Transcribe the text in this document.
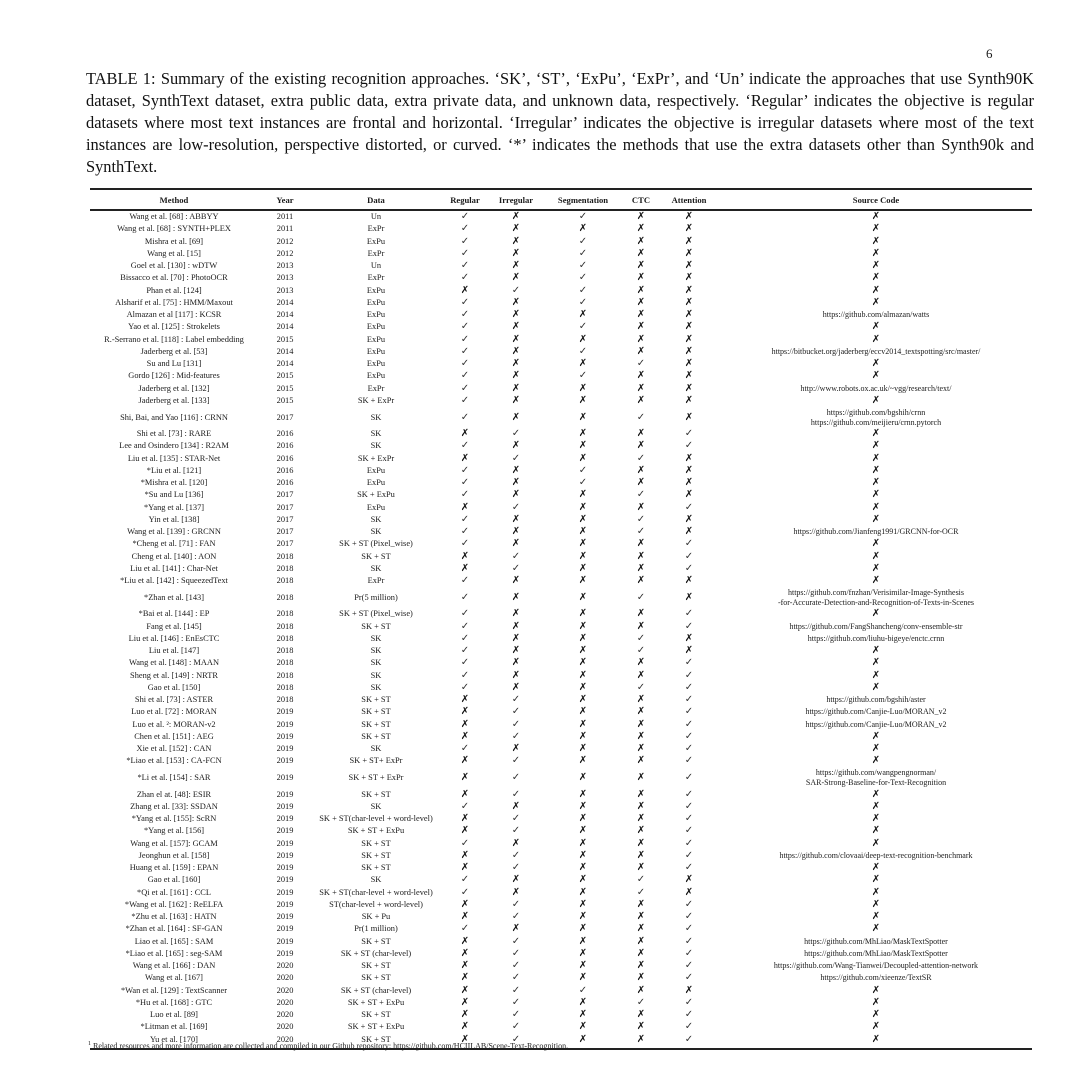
6
TABLE 1: Summary of the existing recognition approaches. ‘SK’, ‘ST’, ‘ExPu’, ‘ExPr’, and ‘Un’ indicate the approaches that use Synth90K dataset, SynthText dataset, extra public data, extra private data, and unknown data, respectively. ‘Regular’ indicates the objective is regular datasets where most text instances are frontal and horizontal. ‘Irregular’ indicates the objective is irregular datasets where most of the text instances are low-resolution, perspective distorted, or curved. ‘*’ indicates the methods that use the extra datasets other than Synth90k and SynthText.
Method	Year	Data	Regular	Irregular	Segmentation	CTC	Attention	Source Code
Wang et al. [68] : ABBYY	2011	Un	✓	✗	✓	✗	✗	✗

Wang et al. [68] : SYNTH+PLEX	2011	ExPr	✓	✗	✗	✗	✗	✗

Mishra et al. [69]	2012	ExPu	✓	✗	✓	✗	✗	✗

Wang et al. [15]	2012	ExPr	✓	✗	✓	✗	✗	✗

Goel et al. [130] : wDTW	2013	Un	✓	✗	✓	✗	✗	✗

Bissacco et al. [70] : PhotoOCR	2013	ExPr	✓	✗	✓	✗	✗	✗

Phan et al. [124]	2013	ExPu	✗	✓	✓	✗	✗	✗

Alsharif et al. [75] : HMM/Maxout	2014	ExPu	✓	✗	✓	✗	✗	✗

Almazan et al [117] : KCSR	2014	ExPu	✓	✗	✗	✗	✗	https://github.com/almazan/watts

Yao et al. [125] : Strokelets	2014	ExPu	✓	✗	✓	✗	✗	✗

R.-Serrano et al. [118] : Label embedding	2015	ExPu	✓	✗	✗	✗	✗	✗

Jaderberg et al. [53]	2014	ExPu	✓	✗	✓	✗	✗	https://bitbucket.org/jaderberg/eccv2014_textspotting/src/master/

Su and Lu [131]	2014	ExPu	✓	✗	✗	✓	✗	✗

Gordo [126] : Mid-features	2015	ExPu	✓	✗	✓	✗	✗	✗

Jaderberg et al. [132]	2015	ExPr	✓	✗	✗	✗	✗	http://www.robots.ox.ac.uk/~vgg/research/text/

Jaderberg et al. [133]	2015	SK + ExPr	✓	✗	✗	✗	✗	✗

Shi, Bai, and Yao [116] : CRNN	2017	SK	✓	✗	✗	✓	✗	https://github.com/bgshih/crnn
https://github.com/meijieru/crnn.pytorch

Shi et al. [73] : RARE	2016	SK	✗	✓	✗	✗	✓	✗

Lee and Osindero [134] : R2AM	2016	SK	✓	✗	✗	✗	✓	✗

Liu et al. [135] : STAR-Net	2016	SK + ExPr	✗	✓	✗	✓	✗	✗

*Liu et al. [121]	2016	ExPu	✓	✗	✓	✗	✗	✗

*Mishra et al. [120]	2016	ExPu	✓	✗	✓	✗	✗	✗

*Su and Lu [136]	2017	SK + ExPu	✓	✗	✗	✓	✗	✗

*Yang et al. [137]	2017	ExPu	✗	✓	✗	✗	✓	✗

Yin et al. [138]	2017	SK	✓	✗	✗	✓	✗	✗

Wang et al. [139] : GRCNN	2017	SK	✓	✗	✗	✓	✗	https://github.com/Jianfeng1991/GRCNN-for-OCR

*Cheng et al. [71] : FAN	2017	SK + ST (Pixel_wise)	✓	✗	✗	✗	✓	✗

Cheng et al. [140] : AON	2018	SK + ST	✗	✓	✗	✗	✓	✗

Liu et al. [141] : Char-Net	2018	SK	✗	✓	✗	✗	✓	✗

*Liu et al. [142] : SqueezedText	2018	ExPr	✓	✗	✗	✗	✗	✗

*Zhan et al. [143]	2018	Pr(5 million)	✓	✗	✗	✓	✗	https://github.com/fnzhan/Verisimilar-Image-Synthesis
-for-Accurate-Detection-and-Recognition-of-Texts-in-Scenes

*Bai et al. [144] : EP	2018	SK + ST (Pixel_wise)	✓	✗	✗	✗	✓	✗

Fang et al. [145]	2018	SK + ST	✓	✗	✗	✗	✓	https://github.com/FangShancheng/conv-ensemble-str

Liu et al. [146] : EnEsCTC	2018	SK	✓	✗	✗	✓	✗	https://github.com/liuhu-bigeye/enctc.crnn

Liu et al. [147]	2018	SK	✓	✗	✗	✓	✗	✗

Wang et al. [148] : MAAN	2018	SK	✓	✗	✗	✗	✓	✗

Sheng et al. [149] : NRTR	2018	SK	✓	✗	✗	✗	✓	✗

Gao et al. [150]	2018	SK	✓	✗	✗	✓	✓	✗

Shi et al. [73] : ASTER	2018	SK + ST	✗	✓	✗	✗	✓	https://github.com/bgshih/aster

Luo et al. [72] : MORAN	2019	SK + ST	✗	✓	✗	✗	✓	https://github.com/Canjie-Luo/MORAN_v2

Luo et al. ²: MORAN-v2	2019	SK + ST	✗	✓	✗	✗	✓	https://github.com/Canjie-Luo/MORAN_v2

Chen et al. [151] : AEG	2019	SK + ST	✗	✓	✗	✗	✓	✗

Xie et al. [152] : CAN	2019	SK	✓	✗	✗	✗	✓	✗

*Liao et al. [153] : CA-FCN	2019	SK + ST+ ExPr	✗	✓	✗	✗	✓	✗

*Li et al. [154] : SAR	2019	SK + ST + ExPr	✗	✓	✗	✗	✓	https://github.com/wangpengnorman/
SAR-Strong-Baseline-for-Text-Recognition

Zhan el at. [48]: ESIR	2019	SK + ST	✗	✓	✗	✗	✓	✗

Zhang et al. [33]: SSDAN	2019	SK	✓	✗	✗	✗	✓	✗

*Yang et al. [155]: ScRN	2019	SK + ST(char-level + word-level)	✗	✓	✗	✗	✓	✗

*Yang et al. [156]	2019	SK + ST + ExPu	✗	✓	✗	✗	✓	✗

Wang et al. [157]: GCAM	2019	SK + ST	✓	✗	✗	✗	✓	✗

Jeonghun et al. [158]	2019	SK + ST	✗	✓	✗	✗	✓	https://github.com/clovaai/deep-text-recognition-benchmark

Huang et al. [159] : EPAN	2019	SK + ST	✗	✓	✗	✗	✓	✗

Gao et al. [160]	2019	SK	✓	✗	✗	✓	✗	✗

*Qi et al. [161] : CCL	2019	SK + ST(char-level + word-level)	✓	✗	✗	✓	✗	✗

*Wang et al. [162] : ReELFA	2019	ST(char-level + word-level)	✗	✓	✗	✗	✓	✗

*Zhu et al. [163] : HATN	2019	SK + Pu	✗	✓	✗	✗	✓	✗

*Zhan et al. [164] : SF-GAN	2019	Pr(1 million)	✓	✗	✗	✗	✓	✗

Liao et al. [165] : SAM	2019	SK + ST	✗	✓	✗	✗	✓	https://github.com/MhLiao/MaskTextSpotter

*Liao et al. [165] : seg-SAM	2019	SK + ST (char-level)	✗	✓	✗	✗	✓	https://github.com/MhLiao/MaskTextSpotter

Wang et al. [166] : DAN	2020	SK + ST	✗	✓	✗	✗	✓	https://github.com/Wang-Tianwei/Decoupled-attention-network

Wang et al. [167]	2020	SK + ST	✗	✓	✗	✗	✓	https://github.com/xieenze/TextSR

*Wan et al. [129] : TextScanner	2020	SK + ST (char-level)	✗	✓	✓	✗	✗	✗

*Hu et al. [168] : GTC	2020	SK + ST + ExPu	✗	✓	✗	✓	✓	✗

Luo et al. [89]	2020	SK + ST	✗	✓	✗	✗	✓	✗

*Litman et al. [169]	2020	SK + ST + ExPu	✗	✓	✗	✗	✓	✗

Yu et al. [170]	2020	SK + ST	✗	✓	✗	✗	✓	✗
$^1$ Related resources and more information are collected and compiled in our Github repository: https://github.com/HCIILAB/Scene-Text-Recognition.
